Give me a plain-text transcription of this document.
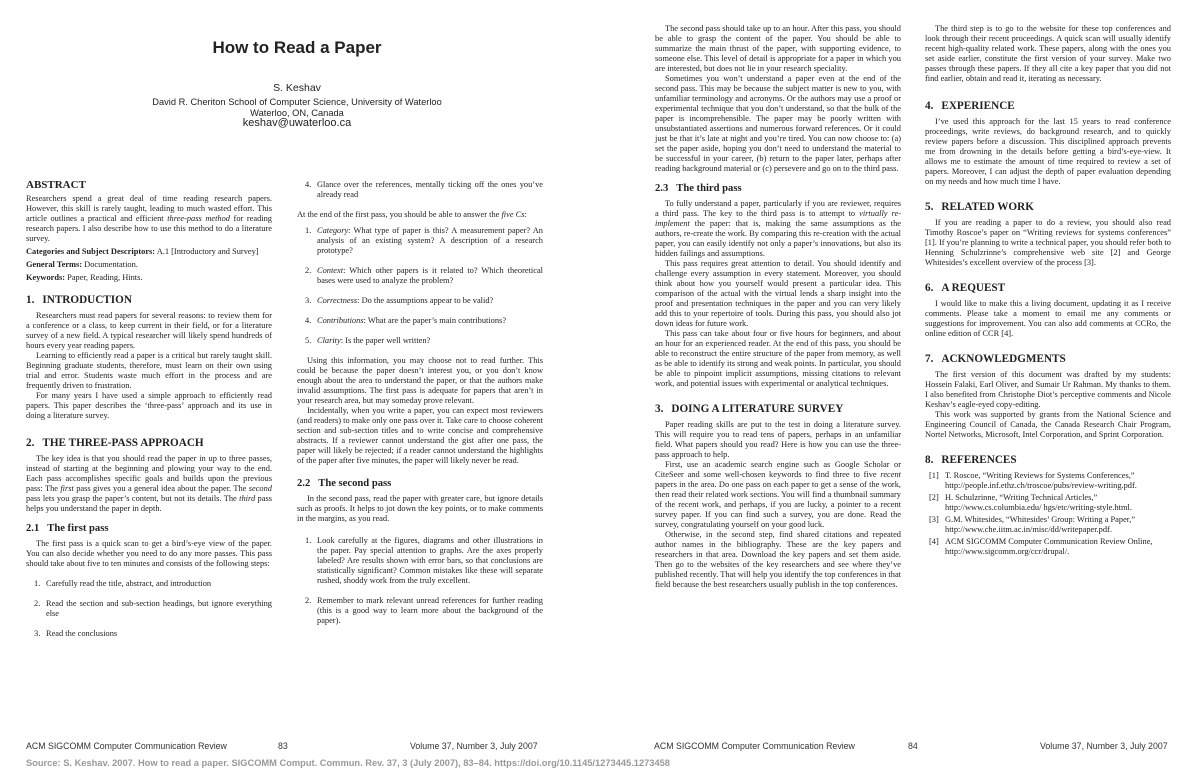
How to Read a Paper
S. Keshav
David R. Cheriton School of Computer Science, University of Waterloo
Waterloo, ON, Canada
keshav@uwaterloo.ca
ABSTRACT

Researchers spend a great deal of time reading research papers. However, this skill is rarely taught, leading to much wasted effort. This article outlines a practical and efficient three-pass method for reading research papers. I also describe how to use this method to do a literature survey.

Categories and Subject Descriptors: A.1 [Introductory and Survey]

General Terms: Documentation.

Keywords: Paper, Reading, Hints.

1. INTRODUCTION

Researchers must read papers for several reasons: to review them for a conference or a class, to keep current in their field, or for a literature survey of a new field. A typical researcher will likely spend hundreds of hours every year reading papers.

Learning to efficiently read a paper is a critical but rarely taught skill. Beginning graduate students, therefore, must learn on their own using trial and error. Students waste much effort in the process and are frequently driven to frustration.

For many years I have used a simple approach to efficiently read papers. This paper describes the ‘three-pass’ approach and its use in doing a literature survey.

2. THE THREE-PASS APPROACH

The key idea is that you should read the paper in up to three passes, instead of starting at the beginning and plowing your way to the end. Each pass accomplishes specific goals and builds upon the previous pass: The first pass gives you a general idea about the paper. The second pass lets you grasp the paper’s content, but not its details. The third pass helps you understand the paper in depth.

2.1 The first pass

The first pass is a quick scan to get a bird’s-eye view of the paper. You can also decide whether you need to do any more passes. This pass should take about five to ten minutes and consists of the following steps:

1. Carefully read the title, abstract, and introduction
2. Read the section and sub-section headings, but ignore everything else
3. Read the conclusions
4. Glance over the references, mentally ticking off the ones you’ve already read

At the end of the first pass, you should be able to answer the five Cs:

1. Category: What type of paper is this? A measurement paper? An analysis of an existing system? A description of a research prototype?
2. Context: Which other papers is it related to? Which theoretical bases were used to analyze the problem?
3. Correctness: Do the assumptions appear to be valid?
4. Contributions: What are the paper’s main contributions?
5. Clarity: Is the paper well written?

Using this information, you may choose not to read further. This could be because the paper doesn’t interest you, or you don’t know enough about the area to understand the paper, or that the authors make invalid assumptions. The first pass is adequate for papers that aren’t in your research area, but may someday prove relevant.

Incidentally, when you write a paper, you can expect most reviewers (and readers) to make only one pass over it. Take care to choose coherent section and sub-section titles and to write concise and comprehensive abstracts. If a reviewer cannot understand the gist after one pass, the paper will likely be rejected; if a reader cannot understand the highlights of the paper after five minutes, the paper will likely never be read.

2.2 The second pass

In the second pass, read the paper with greater care, but ignore details such as proofs. It helps to jot down the key points, or to make comments in the margins, as you read.

1. Look carefully at the figures, diagrams and other illustrations in the paper. Pay special attention to graphs. Are the axes properly labeled? Are results shown with error bars, so that conclusions are statistically significant? Common mistakes like these will separate rushed, shoddy work from the truly excellent.
2. Remember to mark relevant unread references for further reading (this is a good way to learn more about the background of the paper).
ACM SIGCOMM Computer Communication Review	83	Volume 37, Number 3, July 2007

The second pass should take up to an hour. After this pass, you should be able to grasp the content of the paper. You should be able to summarize the main thrust of the paper, with supporting evidence, to someone else. This level of detail is appropriate for a paper in which you are interested, but does not lie in your research speciality.

Sometimes you won’t understand a paper even at the end of the second pass. This may be because the subject matter is new to you, with unfamiliar terminology and acronyms. Or the authors may use a proof or experimental technique that you don’t understand, so that the bulk of the paper is incomprehensible. The paper may be poorly written with unsubstantiated assertions and numerous forward references. Or it could just be that it’s late at night and you’re tired. You can now choose to: (a) set the paper aside, hoping you don’t need to understand the material to be successful in your career, (b) return to the paper later, perhaps after reading background material or (c) persevere and go on to the third pass.

2.3 The third pass

To fully understand a paper, particularly if you are reviewer, requires a third pass. The key to the third pass is to attempt to virtually re-implement the paper: that is, making the same assumptions as the authors, re-create the work. By comparing this re-creation with the actual paper, you can easily identify not only a paper’s innovations, but also its hidden failings and assumptions.

This pass requires great attention to detail. You should identify and challenge every assumption in every statement. Moreover, you should think about how you yourself would present a particular idea. This comparison of the actual with the virtual lends a sharp insight into the proof and presentation techniques in the paper and you can very likely add this to your repertoire of tools. During this pass, you should also jot down ideas for future work.

This pass can take about four or five hours for beginners, and about an hour for an experienced reader. At the end of this pass, you should be able to reconstruct the entire structure of the paper from memory, as well as be able to identify its strong and weak points. In particular, you should be able to pinpoint implicit assumptions, missing citations to relevant work, and potential issues with experimental or analytical techniques.

3. DOING A LITERATURE SURVEY

Paper reading skills are put to the test in doing a literature survey. This will require you to read tens of papers, perhaps in an unfamiliar field. What papers should you read? Here is how you can use the three-pass approach to help.

First, use an academic search engine such as Google Scholar or CiteSeer and some well-chosen keywords to find three to five recent papers in the area. Do one pass on each paper to get a sense of the work, then read their related work sections. You will find a thumbnail summary of the recent work, and perhaps, if you are lucky, a pointer to a recent survey paper. If you can find such a survey, you are done. Read the survey, congratulating yourself on your good luck.

Otherwise, in the second step, find shared citations and repeated author names in the bibliography. These are the key papers and researchers in that area. Download the key papers and set them aside. Then go to the websites of the key researchers and see where they’ve published recently. That will help you identify the top conferences in that field because the best researchers usually publish in the top conferences.

The third step is to go to the website for these top conferences and look through their recent proceedings. A quick scan will usually identify recent high-quality related work. These papers, along with the ones you set aside earlier, constitute the first version of your survey. Make two passes through these papers. If they all cite a key paper that you did not find earlier, obtain and read it, iterating as necessary.

4. EXPERIENCE

I’ve used this approach for the last 15 years to read conference proceedings, write reviews, do background research, and to quickly review papers before a discussion. This disciplined approach prevents me from drowning in the details before getting a bird’s-eye-view. It allows me to estimate the amount of time required to review a set of papers. Moreover, I can adjust the depth of paper evaluation depending on my needs and how much time I have.

5. RELATED WORK

If you are reading a paper to do a review, you should also read Timothy Roscoe’s paper on “Writing reviews for systems conferences” [1]. If you’re planning to write a technical paper, you should refer both to Henning Schulzrinne’s comprehensive web site [2] and George Whitesides’s excellent overview of the process [3].

6. A REQUEST

I would like to make this a living document, updating it as I receive comments. Please take a moment to email me any comments or suggestions for improvement. You can also add comments at CCRo, the online edition of CCR [4].

7. ACKNOWLEDGMENTS

The first version of this document was drafted by my students: Hossein Falaki, Earl Oliver, and Sumair Ur Rahman. My thanks to them. I also benefited from Christophe Diot’s perceptive comments and Nicole Keshav’s eagle-eyed copy-editing.

This work was supported by grants from the National Science and Engineering Council of Canada, the Canada Research Chair Program, Nortel Networks, Microsoft, Intel Corporation, and Sprint Corporation.

8. REFERENCES
[1] T. Roscoe, “Writing Reviews for Systems Conferences,” http://people.inf.ethz.ch/troscoe/pubs/review-writing.pdf.
[2] H. Schulzrinne, “Writing Technical Articles,” http://www.cs.columbia.edu/ hgs/etc/writing-style.html.
[3] G.M. Whitesides, “Whitesides’ Group: Writing a Paper,” http://www.che.iitm.ac.in/misc/dd/writepaper.pdf.
[4] ACM SIGCOMM Computer Communication Review Online, http://www.sigcomm.org/ccr/drupal/.
ACM SIGCOMM Computer Communication Review	84	Volume 37, Number 3, July 2007
Source: S. Keshav. 2007. How to read a paper. SIGCOMM Comput. Commun. Rev. 37, 3 (July 2007), 83–84. https://doi.org/10.1145/1273445.1273458
